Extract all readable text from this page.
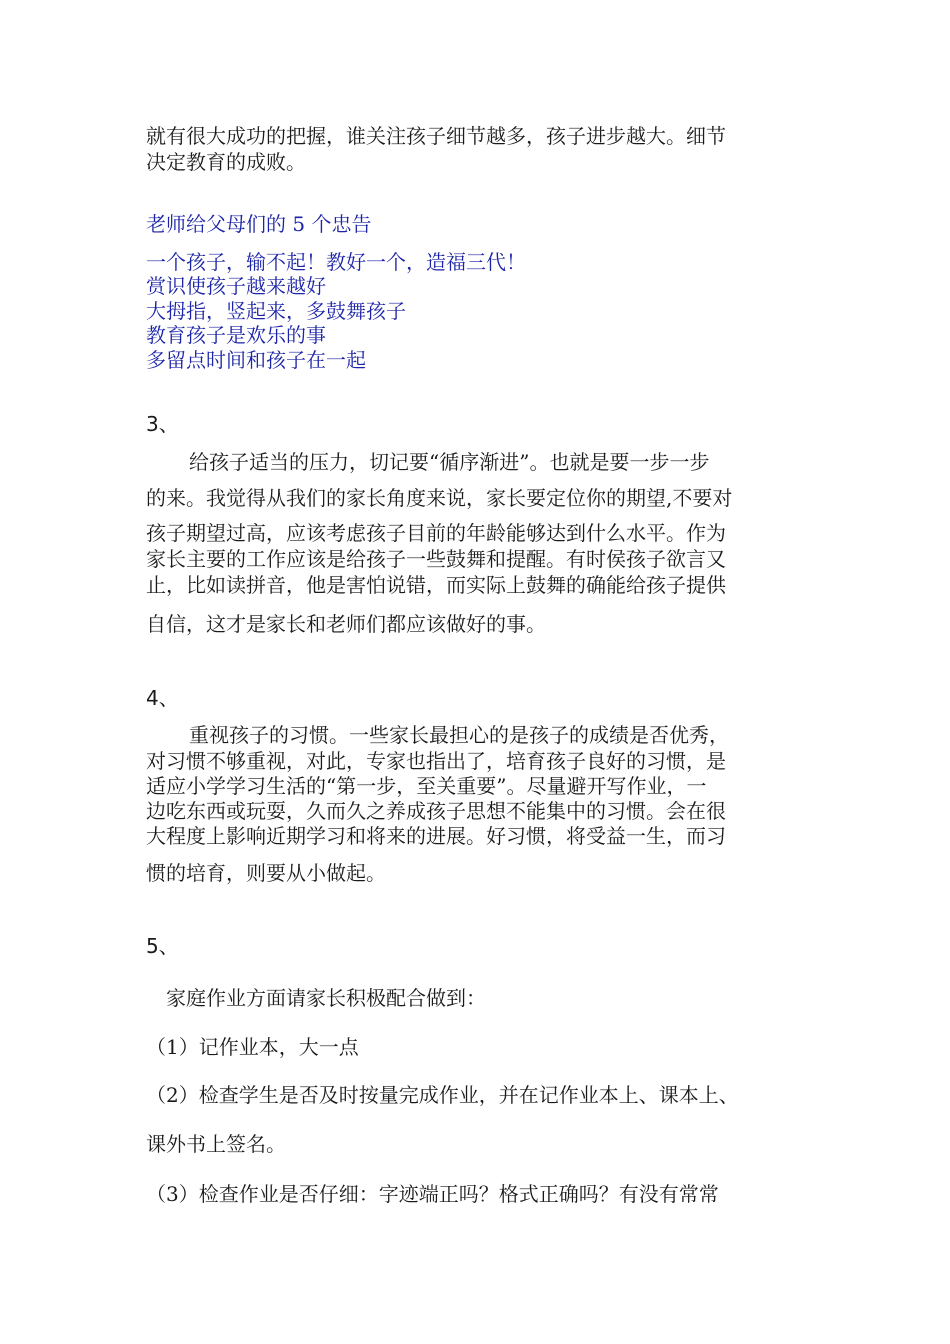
就有很大成功的把握，谁关注孩子细节越多，孩子进步越大。细节
决定教育的成败。
老师给父母们的 5 个忠告
一个孩子，输不起！教好一个，造福三代！
赏识使孩子越来越好
大拇指，竖起来，多鼓舞孩子
教育孩子是欢乐的事
多留点时间和孩子在一起
3、
给孩子适当的压力，切记要“循序渐进”。也就是要一步一步
的来。我觉得从我们的家长角度来说，家长要定位你的期望,不要对
孩子期望过高，应该考虑孩子目前的年龄能够达到什么水平。作为
家长主要的工作应该是给孩子一些鼓舞和提醒。有时侯孩子欲言又
止，比如读拼音，他是害怕说错，而实际上鼓舞的确能给孩子提供
自信，这才是家长和老师们都应该做好的事。
4、
重视孩子的习惯。一些家长最担心的是孩子的成绩是否优秀，
对习惯不够重视，对此，专家也指出了，培育孩子良好的习惯，是
适应小学学习生活的“第一步，至关重要”。尽量避开写作业，一
边吃东西或玩耍，久而久之养成孩子思想不能集中的习惯。会在很
大程度上影响近期学习和将来的进展。好习惯，将受益一生，而习
惯的培育，则要从小做起。
5、
家庭作业方面请家长积极配合做到：
（1）记作业本，大一点
（2）检查学生是否及时按量完成作业，并在记作业本上、课本上、
课外书上签名。
（3）检查作业是否仔细：字迹端正吗？格式正确吗？有没有常常
